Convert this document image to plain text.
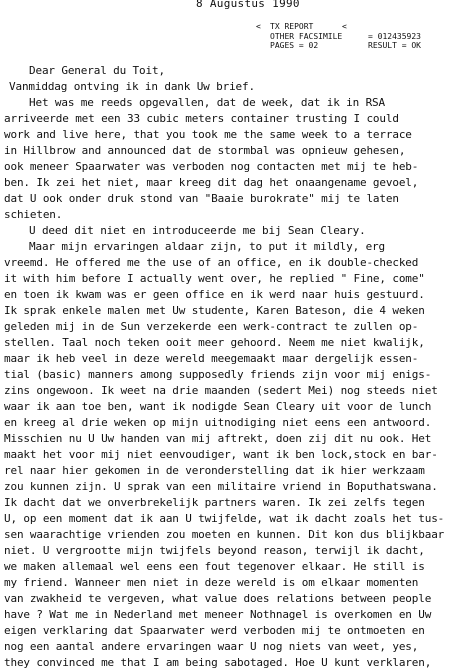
8 Augustus 1990
<	TX REPORT	<
OTHER FACSIMILE	= 012435923
PAGES = 02	RESULT = OK
Dear General du Toit,
Vanmiddag ontving ik in dank Uw brief.
Het was me reeds opgevallen, dat de week, dat ik in RSA
arriveerde met een 33 cubic meters container trusting I could
work and live here, that you took me the same week to a terrace
in Hillbrow and announced dat de stormbal was opnieuw gehesen,
ook meneer Spaarwater was verboden nog contacten met mij te heb-
ben. Ik zei het niet, maar kreeg dit dag het onaangename gevoel,
dat U ook onder druk stond van "Baaie burokrate" mij te laten
schieten.
U deed dit niet en introduceerde me bij Sean Cleary.
Maar mijn ervaringen aldaar zijn, to put it mildly, erg
vreemd. He offered me the use of an office, en ik double-checked
it with him before I actually went over, he replied " Fine, come"
en toen ik kwam was er geen office en ik werd naar huis gestuurd.
Ik sprak enkele malen met Uw studente, Karen Bateson, die 4 weken
geleden mij in de Sun verzekerde een werk-contract te zullen op-
stellen. Taal noch teken ooit meer gehoord. Neem me niet kwalijk,
maar ik heb veel in deze wereld meegemaakt maar dergelijk essen-
tial (basic) manners among supposedly friends zijn voor mij enigs-
zins ongewoon. Ik weet na drie maanden (sedert Mei) nog steeds niet
waar ik aan toe ben, want ik nodigde Sean Cleary uit voor de lunch
en kreeg al drie weken op mijn uitnodiging niet eens een antwoord.
Misschien nu U Uw handen van mij aftrekt, doen zij dit nu ook. Het
maakt het voor mij niet eenvoudiger, want ik ben lock,stock en bar-
rel naar hier gekomen in de veronderstelling dat ik hier werkzaam
zou kunnen zijn. U sprak van een militaire vriend in Boputhatswana.
Ik dacht dat we onverbrekelijk partners waren. Ik zei zelfs tegen
U, op een moment dat ik aan U twijfelde, wat ik dacht zoals het tus-
sen waarachtige vrienden zou moeten en kunnen. Dit kon dus blijkbaar
niet. U vergrootte mijn twijfels beyond reason, terwijl ik dacht,
we maken allemaal wel eens een fout tegenover elkaar. He still is
my friend. Wanneer men niet in deze wereld is om elkaar momenten
van zwakheid te vergeven, what value does relations between people
have ? Wat me in Nederland met meneer Nothnagel is overkomen en Uw
eigen verklaring dat Spaarwater werd verboden mij te ontmoeten en
nog een aantal andere ervaringen waar U nog niets van weet, yes,
they convinced me that I am being sabotaged. Hoe U kunt verklaren,
